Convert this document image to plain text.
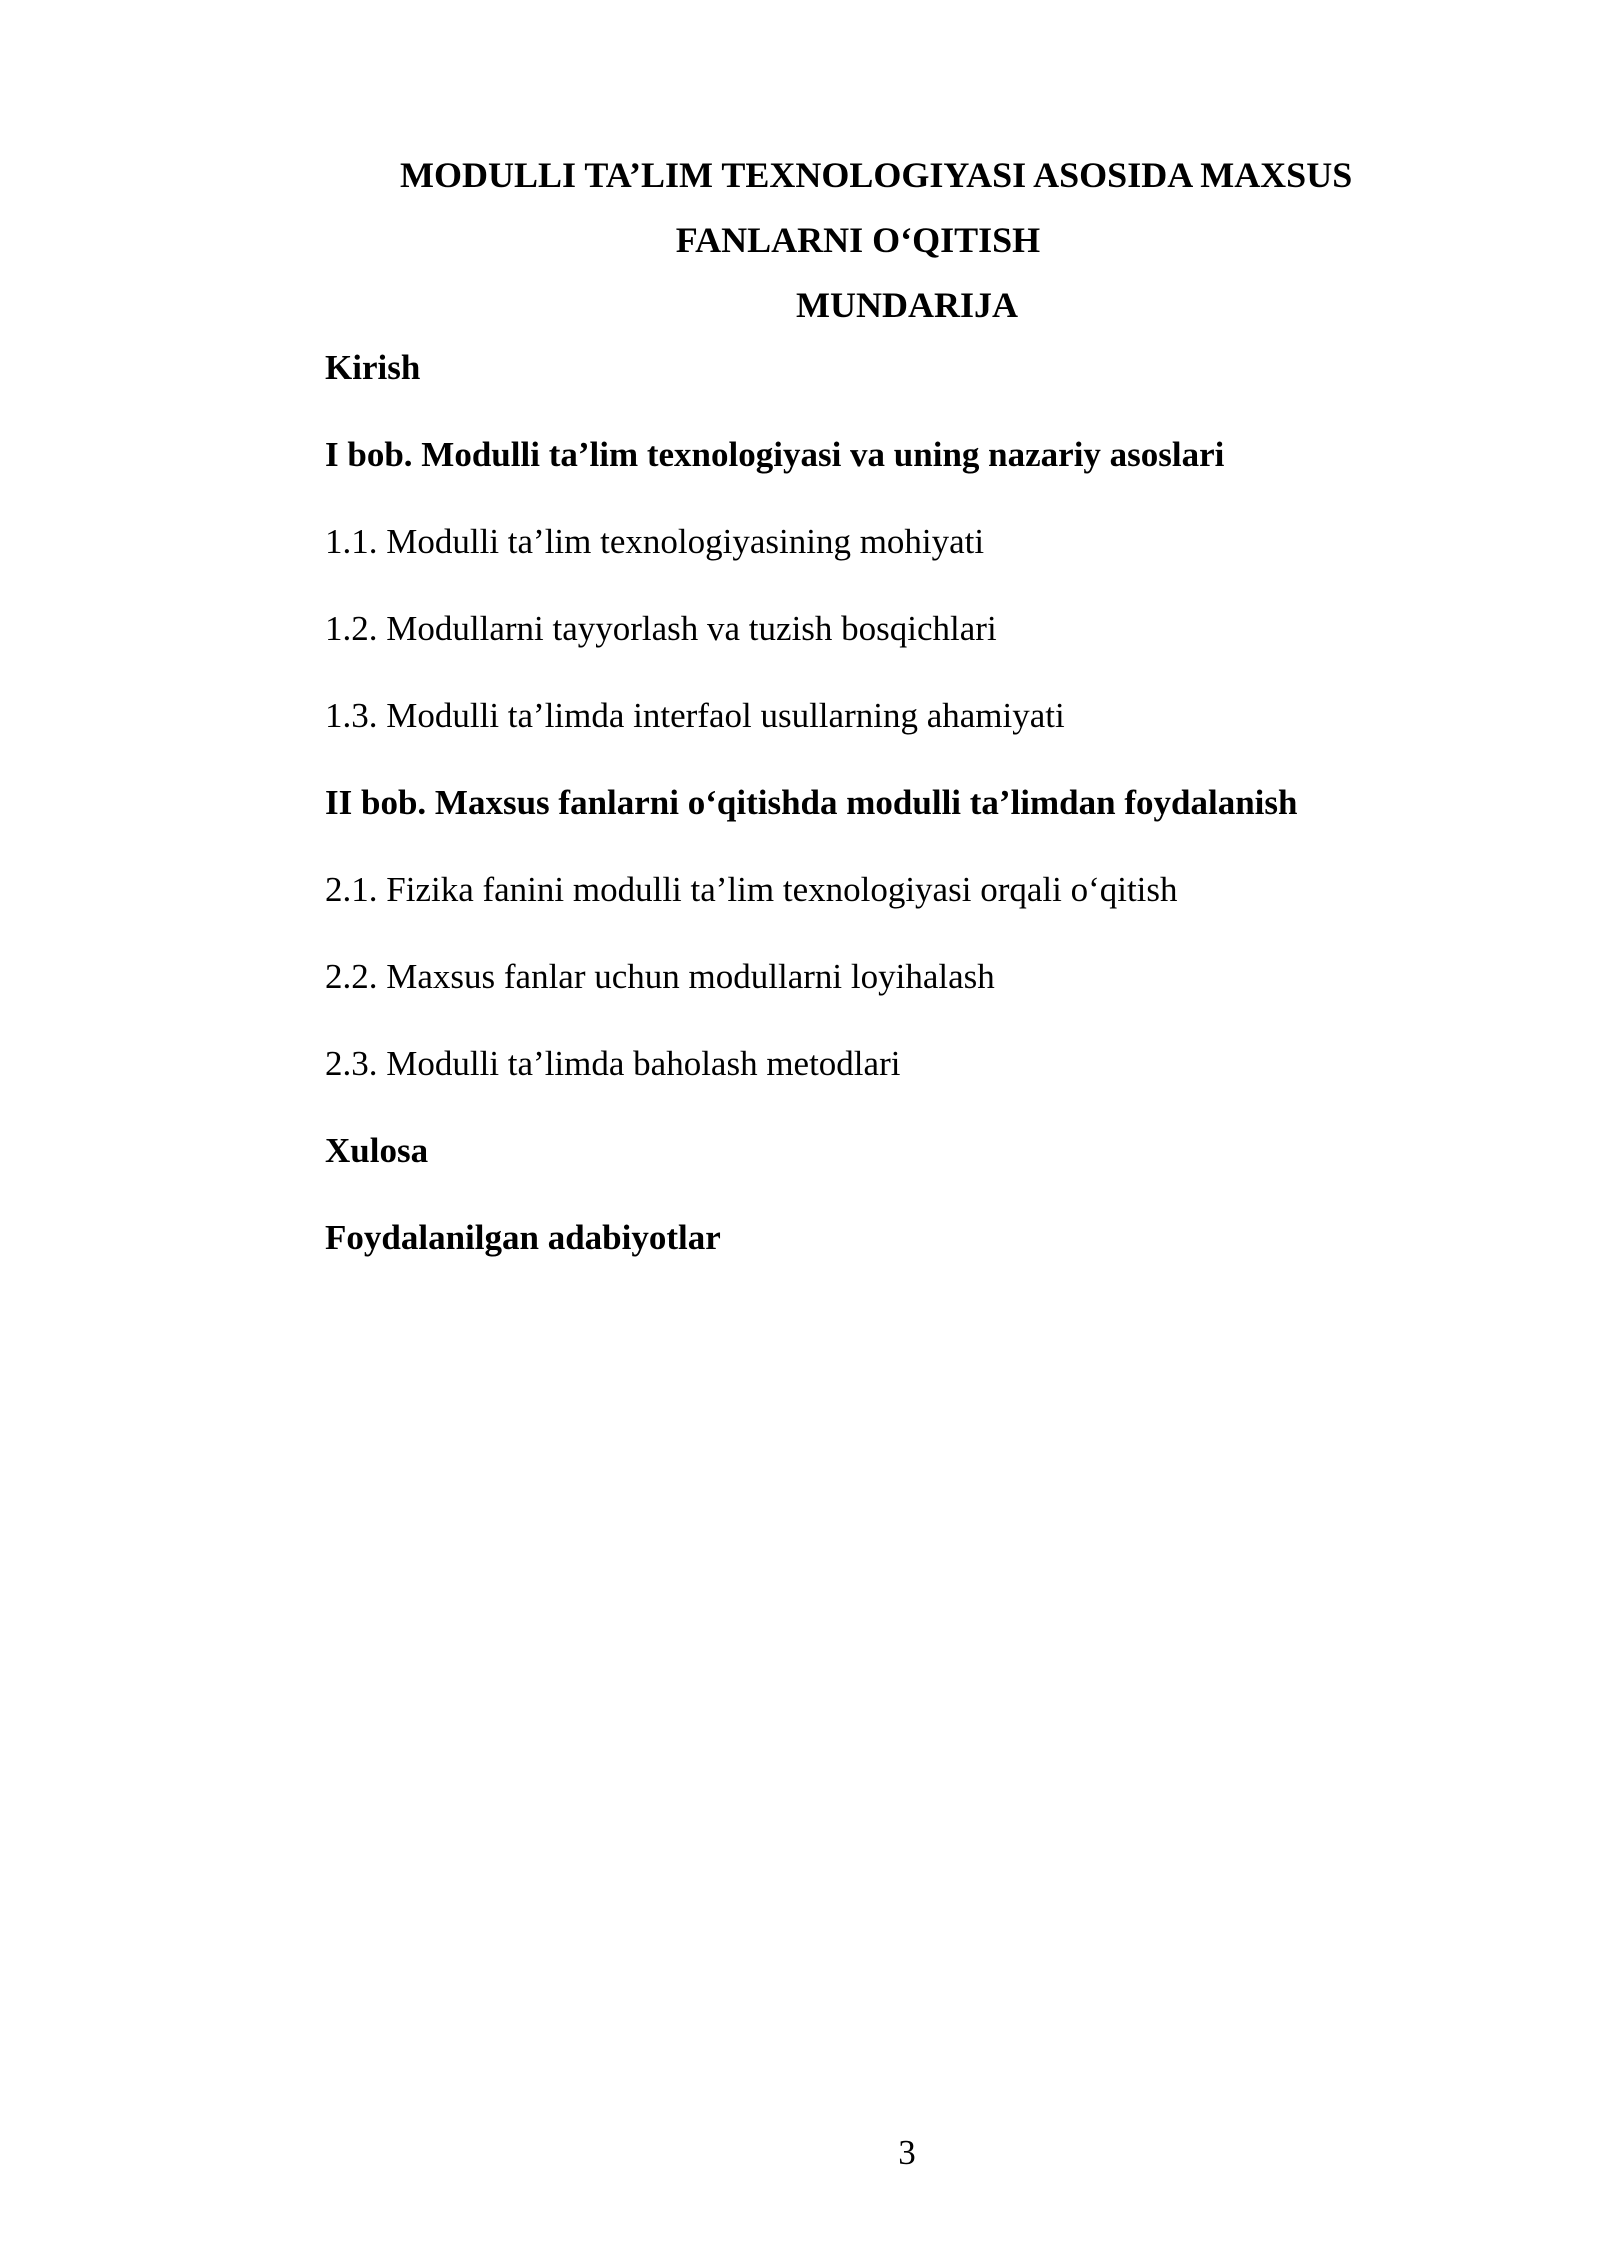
MODULLI TA’LIM TEXNOLOGIYASI ASOSIDA MAXSUS
FANLARNI O‘QITISH
MUNDARIJA
Kirish
I bob. Modulli ta’lim texnologiyasi va uning nazariy asoslari
1.1. Modulli ta’lim texnologiyasining mohiyati
1.2. Modullarni tayyorlash va tuzish bosqichlari
1.3. Modulli ta’limda interfaol usullarning ahamiyati
II bob. Maxsus fanlarni o‘qitishda modulli ta’limdan foydalanish
2.1. Fizika fanini modulli ta’lim texnologiyasi orqali o‘qitish
2.2. Maxsus fanlar uchun modullarni loyihalash
2.3. Modulli ta’limda baholash metodlari
Xulosa
Foydalanilgan adabiyotlar
3
